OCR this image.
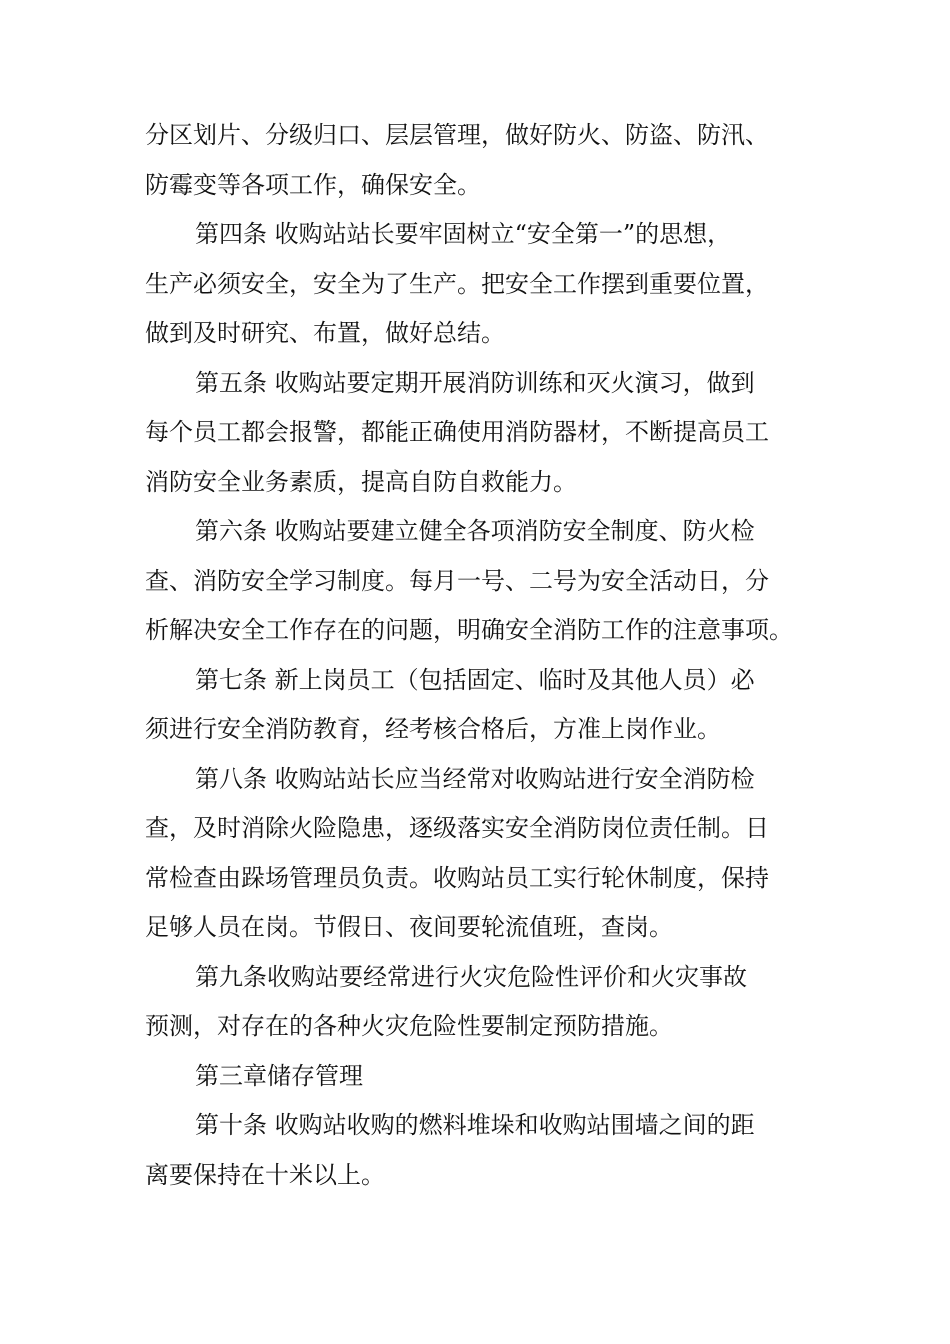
分区划片、分级归口、层层管理，做好防火、防盗、防汛、
防霉变等各项工作，确保安全。
第四条 收购站站长要牢固树立“安全第一”的思想，
生产必须安全，安全为了生产。把安全工作摆到重要位置，
做到及时研究、布置，做好总结。
第五条 收购站要定期开展消防训练和灭火演习，做到
每个员工都会报警，都能正确使用消防器材，不断提高员工
消防安全业务素质，提高自防自救能力。
第六条 收购站要建立健全各项消防安全制度、防火检
查、消防安全学习制度。每月一号、二号为安全活动日，分
析解决安全工作存在的问题，明确安全消防工作的注意事项。
第七条 新上岗员工（包括固定、临时及其他人员）必
须进行安全消防教育，经考核合格后，方准上岗作业。
第八条 收购站站长应当经常对收购站进行安全消防检
查，及时消除火险隐患，逐级落实安全消防岗位责任制。日
常检查由跺场管理员负责。收购站员工实行轮休制度，保持
足够人员在岗。节假日、夜间要轮流值班，查岗。
第九条收购站要经常进行火灾危险性评价和火灾事故
预测，对存在的各种火灾危险性要制定预防措施。
第三章储存管理
第十条 收购站收购的燃料堆垛和收购站围墙之间的距
离要保持在十米以上。
